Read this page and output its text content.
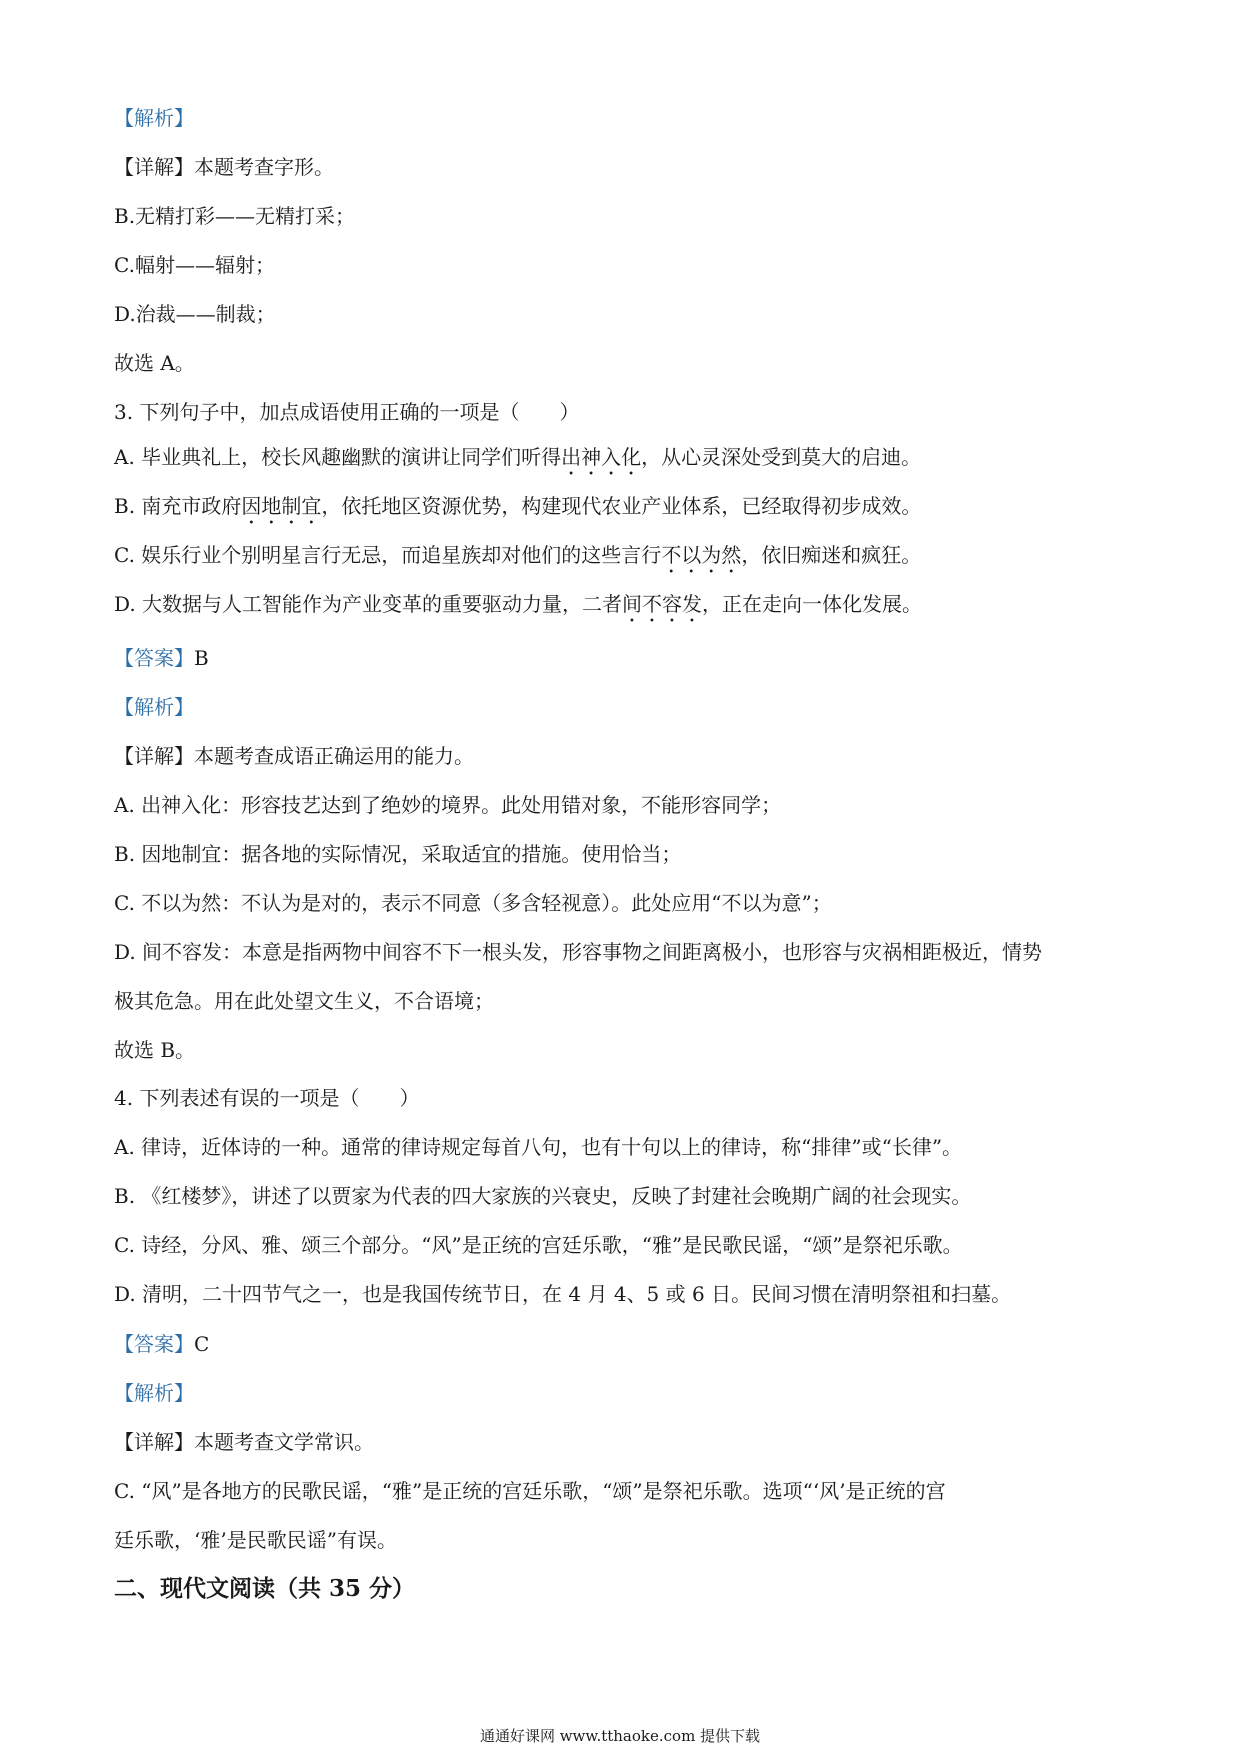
【解析】
【详解】本题考查字形。
B.无精打彩——无精打采；
C.幅射——辐射；
D.治裁——制裁；
故选 A。
3. 下列句子中，加点成语使用正确的一项是（　　）
A. 毕业典礼上，校长风趣幽默的演讲让同学们听得出神入化，从心灵深处受到莫大的启迪。
B. 南充市政府因地制宜，依托地区资源优势，构建现代农业产业体系，已经取得初步成效。
C. 娱乐行业个别明星言行无忌，而追星族却对他们的这些言行不以为然，依旧痴迷和疯狂。
D. 大数据与人工智能作为产业变革的重要驱动力量，二者间不容发，正在走向一体化发展。
【答案】B
【解析】
【详解】本题考查成语正确运用的能力。
A. 出神入化：形容技艺达到了绝妙的境界。此处用错对象，不能形容同学；
B. 因地制宜：据各地的实际情况，采取适宜的措施。使用恰当；
C. 不以为然：不认为是对的，表示不同意（多含轻视意）。此处应用“不以为意”；
D. 间不容发：本意是指两物中间容不下一根头发，形容事物之间距离极小，也形容与灾祸相距极近，情势
极其危急。用在此处望文生义，不合语境；
故选 B。
4. 下列表述有误的一项是（　　）
A. 律诗，近体诗的一种。通常的律诗规定每首八句，也有十句以上的律诗，称“排律”或“长律”。
B. 《红楼梦》，讲述了以贾家为代表的四大家族的兴衰史，反映了封建社会晚期广阔的社会现实。
C. 诗经，分风、雅、颂三个部分。“风”是正统的宫廷乐歌，“雅”是民歌民谣，“颂”是祭祀乐歌。
D. 清明，二十四节气之一，也是我国传统节日，在 4 月 4、5 或 6 日。民间习惯在清明祭祖和扫墓。
【答案】C
【解析】
【详解】本题考查文学常识。
C. “风”是各地方的民歌民谣，“雅”是正统的宫廷乐歌，“颂”是祭祀乐歌。选项“‘风’是正统的宫
廷乐歌，‘雅’是民歌民谣”有误。
二、现代文阅读（共 35 分）
通通好课网 www.tthaoke.com 提供下载
